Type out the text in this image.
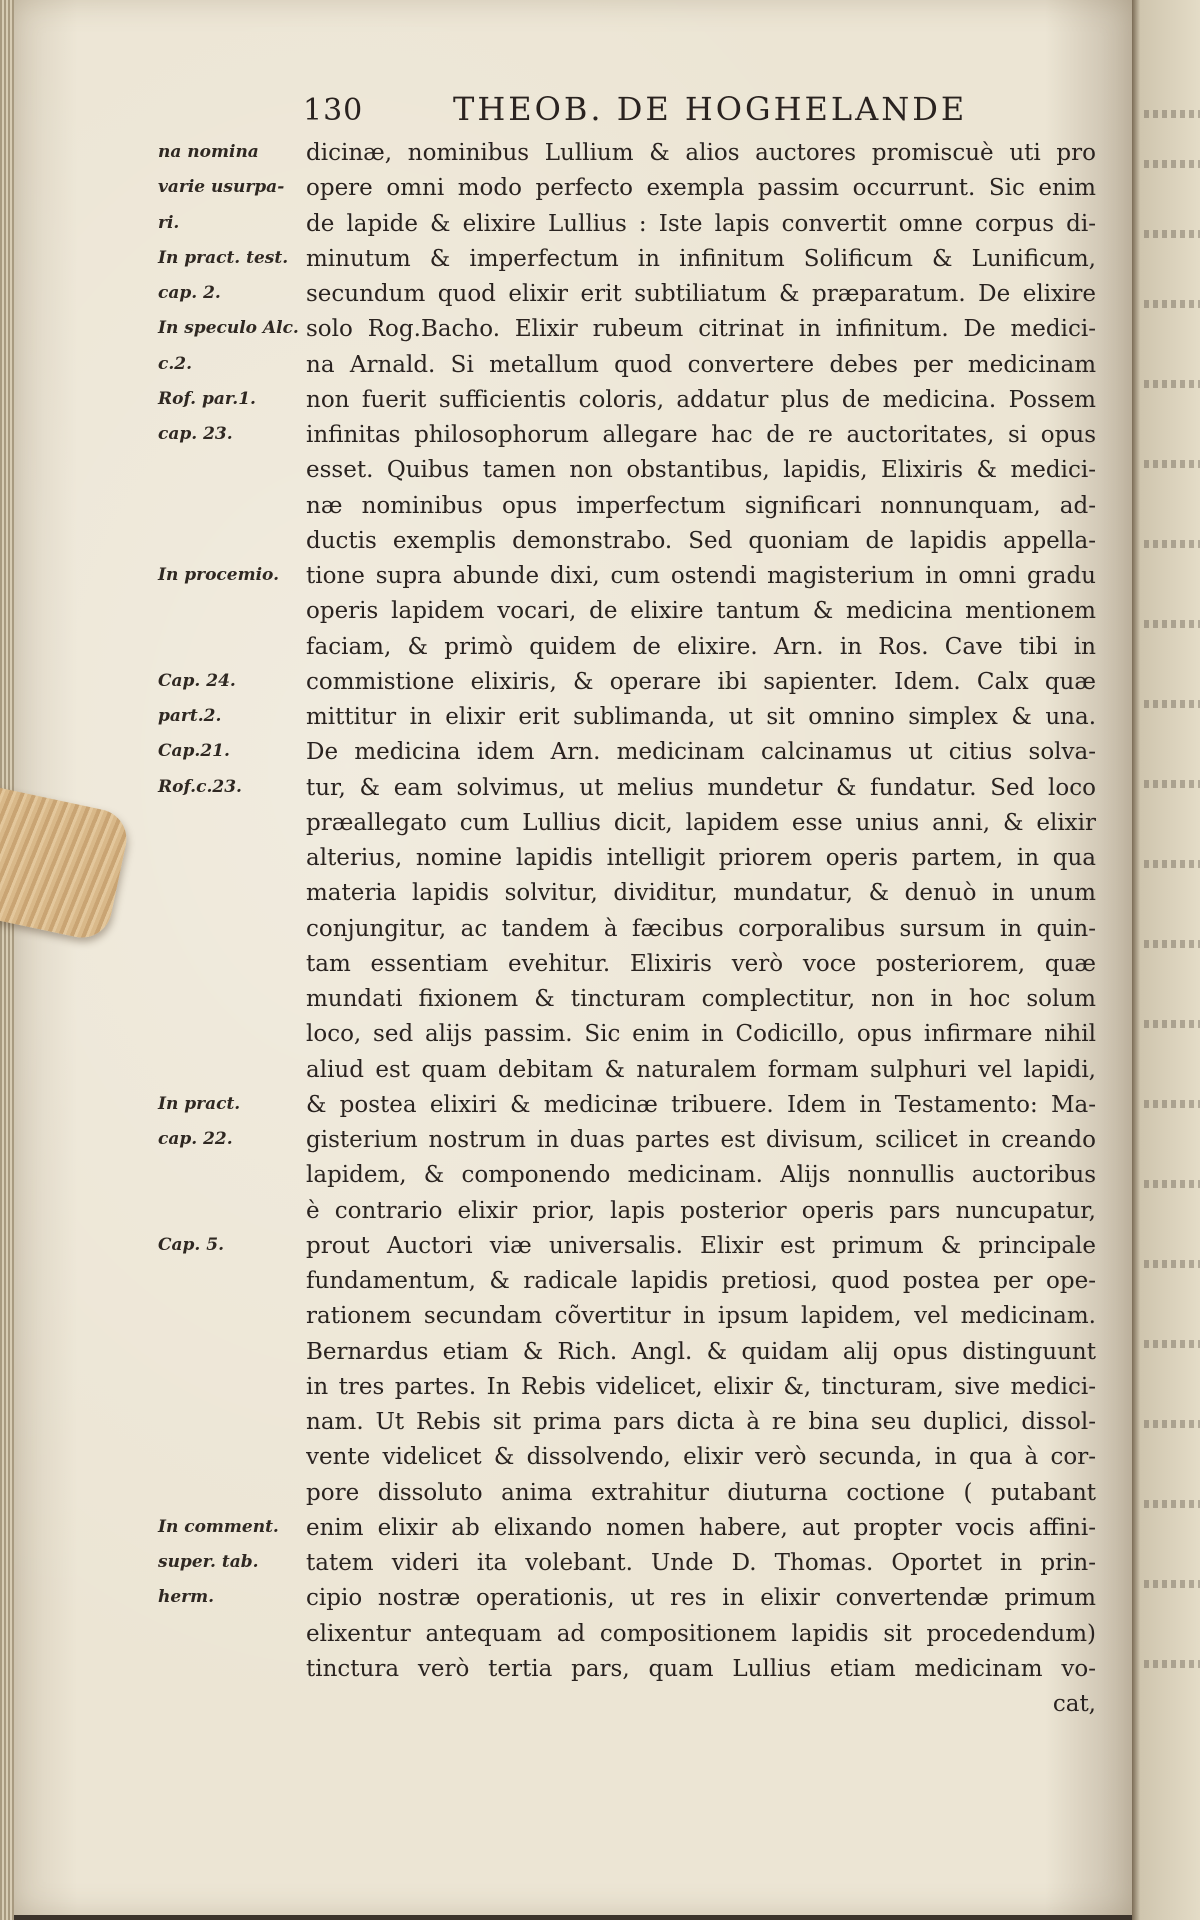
130	THEOB. DE HOGHELANDE
na nomina
varie usurpa-
ri.
In pract. test.
cap. 2.
In speculo Alc.
c.2.
Rof. par.1.
cap. 23.
In procemio.
Cap. 24.
part.2.
Cap.21.
Rof.c.23.
In pract.
cap. 22.
Cap. 5.
In comment.
super. tab.
herm.
dicinæ, nominibus Lullium & alios auctores promiscuè uti pro
opere omni modo perfecto exempla passim occurrunt. Sic enim
de lapide & elixire Lullius : Iste lapis convertit omne corpus di-
minutum & imperfectum in infinitum Solificum & Lunificum,
secundum quod elixir erit subtiliatum & præparatum. De elixire
solo Rog.Bacho. Elixir rubeum citrinat in infinitum. De medici-
na Arnald. Si metallum quod convertere debes per medicinam
non fuerit sufficientis coloris, addatur plus de medicina. Possem
infinitas philosophorum allegare hac de re auctoritates, si opus
esset. Quibus tamen non obstantibus, lapidis, Elixiris & medici-
næ nominibus opus imperfectum significari nonnunquam, ad-
ductis exemplis demonstrabo. Sed quoniam de lapidis appella-
tione supra abunde dixi, cum ostendi magisterium in omni gradu
operis lapidem vocari, de elixire tantum & medicina mentionem
faciam, & primò quidem de elixire. Arn. in Ros. Cave tibi in
commistione elixiris, & operare ibi sapienter. Idem. Calx quæ
mittitur in elixir erit sublimanda, ut sit omnino simplex & una.
De medicina idem Arn. medicinam calcinamus ut citius solva-
tur, & eam solvimus, ut melius mundetur & fundatur. Sed loco
præallegato cum Lullius dicit, lapidem esse unius anni, & elixir
alterius, nomine lapidis intelligit priorem operis partem, in qua
materia lapidis solvitur, dividitur, mundatur, & denuò in unum
conjungitur, ac tandem à fæcibus corporalibus sursum in quin-
tam essentiam evehitur. Elixiris verò voce posteriorem, quæ
mundati fixionem & tincturam complectitur, non in hoc solum
loco, sed alijs passim. Sic enim in Codicillo, opus infirmare nihil
aliud est quam debitam & naturalem formam sulphuri vel lapidi,
& postea elixiri & medicinæ tribuere. Idem in Testamento: Ma-
gisterium nostrum in duas partes est divisum, scilicet in creando
lapidem, & componendo medicinam. Alijs nonnullis auctoribus
è contrario elixir prior, lapis posterior operis pars nuncupatur,
prout Auctori viæ universalis. Elixir est primum & principale
fundamentum, & radicale lapidis pretiosi, quod postea per ope-
rationem secundam cõvertitur in ipsum lapidem, vel medicinam.
Bernardus etiam & Rich. Angl. & quidam alij opus distinguunt
in tres partes. In Rebis videlicet, elixir &, tincturam, sive medici-
nam. Ut Rebis sit prima pars dicta à re bina seu duplici, dissol-
vente videlicet & dissolvendo, elixir verò secunda, in qua à cor-
pore dissoluto anima extrahitur diuturna coctione ( putabant
enim elixir ab elixando nomen habere, aut propter vocis affini-
tatem videri ita volebant. Unde D. Thomas. Oportet in prin-
cipio nostræ operationis, ut res in elixir convertendæ primum
elixentur antequam ad compositionem lapidis sit procedendum)
tinctura verò tertia pars, quam Lullius etiam medicinam vo-
cat,
